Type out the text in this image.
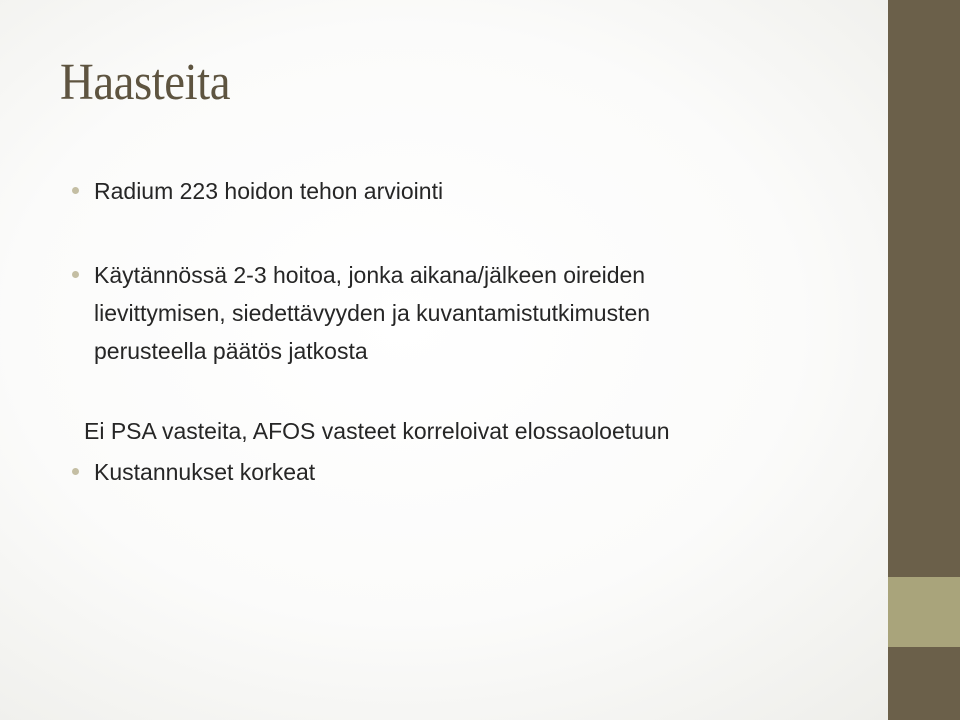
Haasteita
Radium 223 hoidon tehon arviointi
Käytännössä 2-3 hoitoa, jonka aikana/jälkeen oireiden
lievittymisen, siedettävyyden ja kuvantamistutkimusten
perusteella päätös jatkosta
Ei PSA vasteita, AFOS vasteet korreloivat elossaoloetuun
Kustannukset korkeat
